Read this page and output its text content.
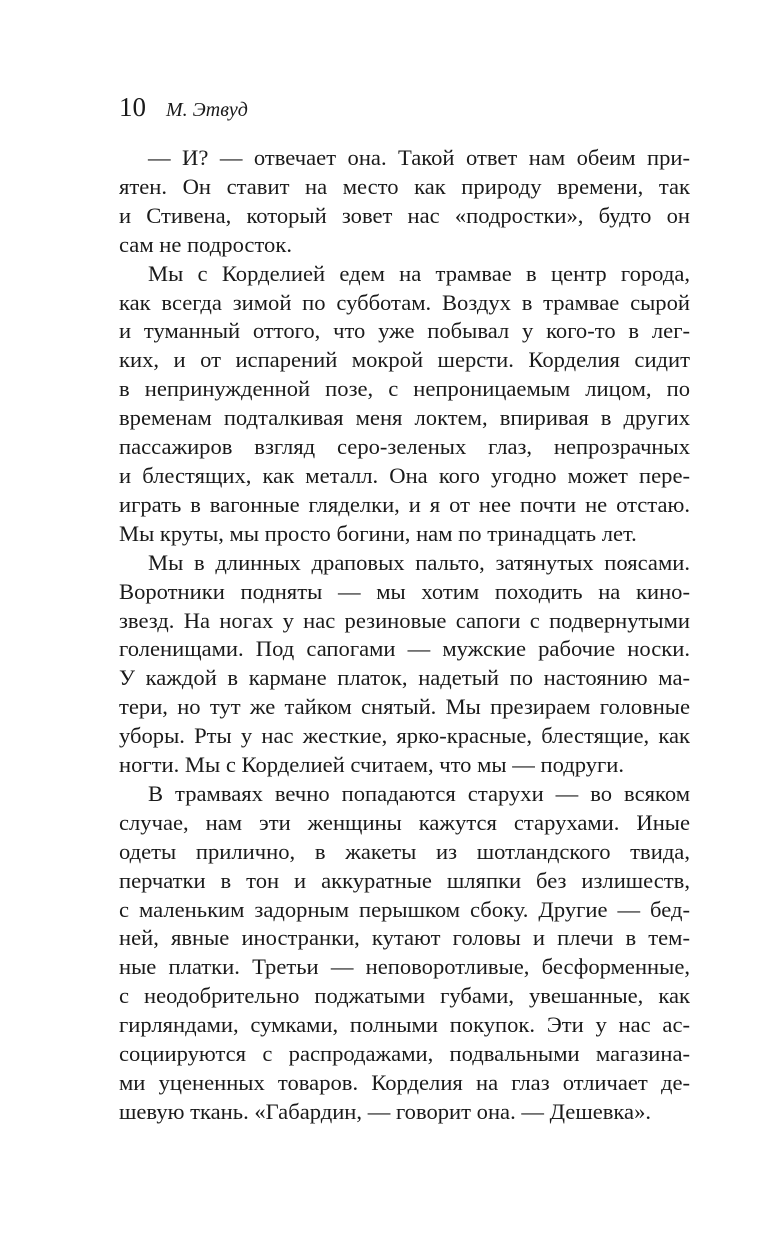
10 М. Этвуд

— И? — отвечает она. Такой ответ нам обеим при-
ятен. Он ставит на место как природу времени, так
и Стивена, который зовет нас «подростки», будто он
сам не подросток.

Мы с Корделией едем на трамвае в центр города,
как всегда зимой по субботам. Воздух в трамвае сырой
и туманный оттого, что уже побывал у кого-то в лег-
ких, и от испарений мокрой шерсти. Корделия сидит
в непринужденной позе, с непроницаемым лицом, по
временам подталкивая меня локтем, впиривая в других
пассажиров взгляд серо-зеленых глаз, непрозрачных
и блестящих, как металл. Она кого угодно может пере-
играть в вагонные гляделки, и я от нее почти не отстаю.
Мы круты, мы просто богини, нам по тринадцать лет.

Мы в длинных драповых пальто, затянутых поясами.
Воротники подняты — мы хотим походить на кино-
звезд. На ногах у нас резиновые сапоги с подвернутыми
голенищами. Под сапогами — мужские рабочие носки.
У каждой в кармане платок, надетый по настоянию ма-
тери, но тут же тайком снятый. Мы презираем головные
уборы. Рты у нас жесткие, ярко-красные, блестящие, как
ногти. Мы с Корделией считаем, что мы — подруги.

В трамваях вечно попадаются старухи — во всяком
случае, нам эти женщины кажутся старухами. Иные
одеты прилично, в жакеты из шотландского твида,
перчатки в тон и аккуратные шляпки без излишеств,
с маленьким задорным перышком сбоку. Другие — бед-
ней, явные иностранки, кутают головы и плечи в тем-
ные платки. Третьи — неповоротливые, бесформенные,
с неодобрительно поджатыми губами, увешанные, как
гирляндами, сумками, полными покупок. Эти у нас ас-
социируются с распродажами, подвальными магазина-
ми уцененных товаров. Корделия на глаз отличает де-
шевую ткань. «Габардин, — говорит она. — Дешевка».
